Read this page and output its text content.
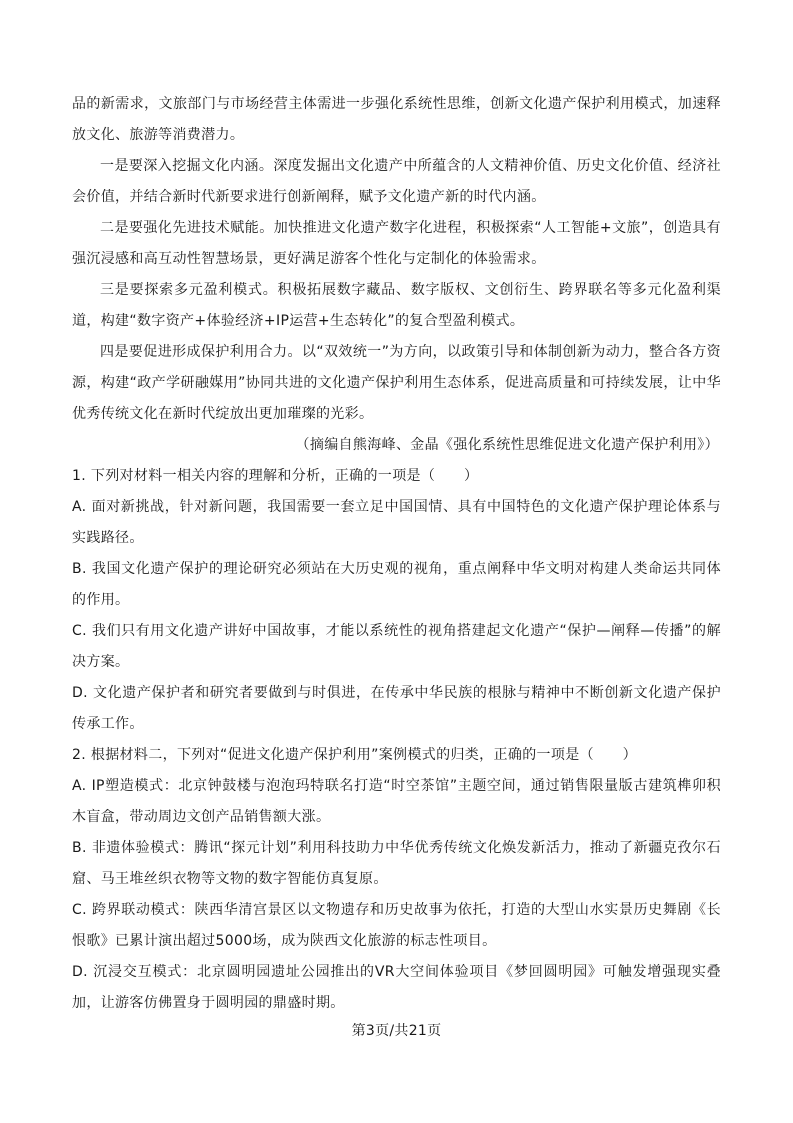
品的新需求，文旅部门与市场经营主体需进一步强化系统性思维，创新文化遗产保护利用模式，加速释放文化、旅游等消费潜力。

一是要深入挖掘文化内涵。深度发掘出文化遗产中所蕴含的人文精神价值、历史文化价值、经济社会价值，并结合新时代新要求进行创新阐释，赋予文化遗产新的时代内涵。

二是要强化先进技术赋能。加快推进文化遗产数字化进程，积极探索“人工智能+文旅”，创造具有强沉浸感和高互动性智慧场景，更好满足游客个性化与定制化的体验需求。

三是要探索多元盈利模式。积极拓展数字藏品、数字版权、文创衍生、跨界联名等多元化盈利渠道，构建“数字资产+体验经济+IP运营+生态转化”的复合型盈利模式。

四是要促进形成保护利用合力。以“双效统一”为方向，以政策引导和体制创新为动力，整合各方资源，构建“政产学研融媒用”协同共进的文化遗产保护利用生态体系，促进高质量和可持续发展，让中华优秀传统文化在新时代绽放出更加璀璨的光彩。

（摘编自熊海峰、金晶《强化系统性思维促进文化遗产保护利用》）

1. 下列对材料一相关内容的理解和分析，正确的一项是（　　）

A. 面对新挑战，针对新问题，我国需要一套立足中国国情、具有中国特色的文化遗产保护理论体系与实践路径。

B. 我国文化遗产保护的理论研究必须站在大历史观的视角，重点阐释中华文明对构建人类命运共同体的作用。

C. 我们只有用文化遗产讲好中国故事，才能以系统性的视角搭建起文化遗产“保护—阐释—传播”的解决方案。

D. 文化遗产保护者和研究者要做到与时俱进，在传承中华民族的根脉与精神中不断创新文化遗产保护传承工作。

2. 根据材料二，下列对“促进文化遗产保护利用”案例模式的归类，正确的一项是（　　）

A. IP塑造模式：北京钟鼓楼与泡泡玛特联名打造“时空茶馆”主题空间，通过销售限量版古建筑榫卯积木盲盒，带动周边文创产品销售额大涨。

B. 非遗体验模式：腾讯“探元计划”利用科技助力中华优秀传统文化焕发新活力，推动了新疆克孜尔石窟、马王堆丝织衣物等文物的数字智能仿真复原。

C. 跨界联动模式：陕西华清宫景区以文物遗存和历史故事为依托，打造的大型山水实景历史舞剧《长恨歌》已累计演出超过5000场，成为陕西文化旅游的标志性项目。

D. 沉浸交互模式：北京圆明园遗址公园推出的VR大空间体验项目《梦回圆明园》可触发增强现实叠加，让游客仿佛置身于圆明园的鼎盛时期。

第3页/共21页
